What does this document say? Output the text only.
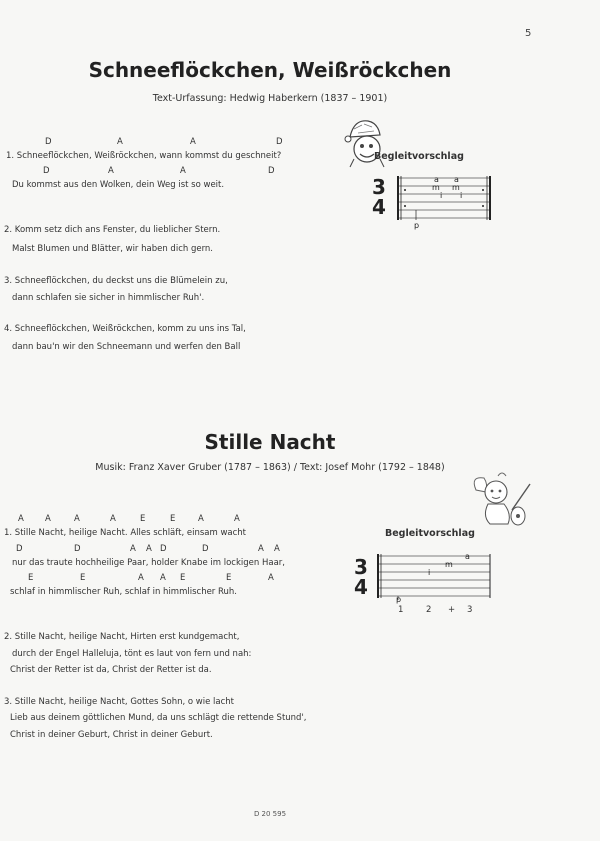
5
Schneeflöckchen, Weißröckchen
Text-Urfassung: Hedwig Haberkern (1837 – 1901)
D	A	A	D
1. Schneeflöckchen, Weißröckchen, wann kommst du geschneit?
D	A	A	D
Du kommst aus den Wolken, dein Weg ist so weit.
2. Komm setz dich ans Fenster, du lieblicher Stern.
Malst Blumen und Blätter, wir haben dich gern.
3. Schneeflöckchen, du deckst uns die Blümelein zu,
dann schlafen sie sicher in himmlischer Ruh'.
4. Schneeflöckchen, Weißröckchen, komm zu uns ins Tal,
dann bau'n wir den Schneemann und werfen den Ball
Begleitvorschlag
3
4
a a
m
i
m
i
p
Stille Nacht
Musik: Franz Xaver Gruber (1787 – 1863) / Text: Josef Mohr (1792 – 1848)
A A	A	A	E	E	A	A
1. Stille Nacht, heilige Nacht. Alles schläft, einsam wacht
D	D	A A D	D	A A
nur das traute hochheilige Paar, holder Knabe im lockigen Haar,
E	E	A A E	E	A
schlaf in himmlischer Ruh, schlaf in himmlischer Ruh.
2. Stille Nacht, heilige Nacht, Hirten erst kundgemacht,
durch der Engel Halleluja, tönt es laut von fern und nah:
Christ der Retter ist da, Christ der Retter ist da.
3. Stille Nacht, heilige Nacht, Gottes Sohn, o wie lacht
Lieb aus deinem göttlichen Mund, da uns schlägt die rettende Stund',
Christ in deiner Geburt, Christ in deiner Geburt.
Begleitvorschlag
3
4
a
m
i
p
1	2 + 3
D 20 595
